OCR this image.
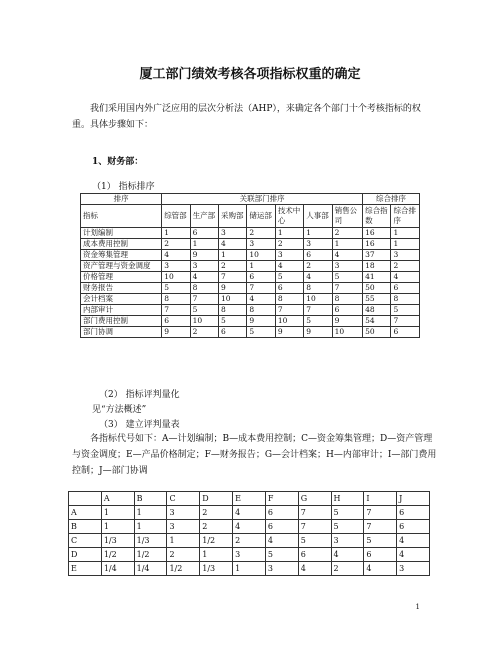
厦工部门绩效考核各项指标权重的确定
我们采用国内外广泛应用的层次分析法（AHP），来确定各个部门十个考核指标的权重。具体步骤如下：
1、财务部：
（1） 指标排序
排序	关联部门排序							综合排序	
指标	综管部	生产部	采购部	储运部	技术中心	人事部	销售公司	综合指数	综合排序
计划编制	1	6	3	2	1	1	2	16	1
成本费用控制	2	1	4	3	2	3	1	16	1
资金筹集管理	4	9	1	10	3	6	4	37	3
资产管理与资金调度	3	3	2	1	4	2	3	18	2
价格管理	10	4	7	6	5	4	5	41	4
财务报告	5	8	9	7	6	8	7	50	6
会计档案	8	7	10	4	8	10	8	55	8
内部审计	7	5	8	8	7	7	6	48	5
部门费用控制	6	10	5	9	10	5	9	54	7
部门协调	9	2	6	5	9	9	10	50	6
（2） 指标评判量化
见“方法概述”
（3） 建立评判量表
各指标代号如下：A—计划编制；B—成本费用控制；C—资金筹集管理；D—资产管理与资金调度；E—产品价格制定；F—财务报告；G—会计档案；H—内部审计；I—部门费用控制；J—部门协调
	A	B	C	D	E	F	G	H	I	J
A	1	1	3	2	4	6	7	5	7	6
B	1	1	3	2	4	6	7	5	7	6
C	1/3	1/3	1	1/2	2	4	5	3	5	4
D	1/2	1/2	2	1	3	5	6	4	6	4
E	1/4	1/4	1/2	1/3	1	3	4	2	4	3
1
